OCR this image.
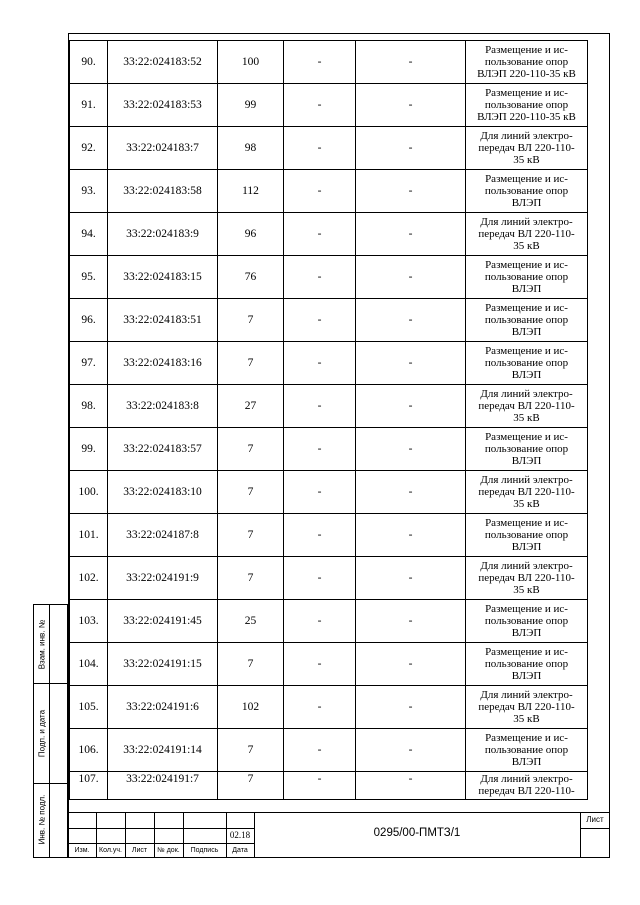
90.	33:22:024183:52	100	-	-	Размещение и ис-
пользование опор
ВЛЭП 220-110-35 кВ
91.	33:22:024183:53	99	-	-	Размещение и ис-
пользование опор
ВЛЭП 220-110-35 кВ
92.	33:22:024183:7	98	-	-	Для линий электро-
передач ВЛ 220-110-
35 кВ
93.	33:22:024183:58	112	-	-	Размещение и ис-
пользование опор
ВЛЭП
94.	33:22:024183:9	96	-	-	Для линий электро-
передач ВЛ 220-110-
35 кВ
95.	33:22:024183:15	76	-	-	Размещение и ис-
пользование опор
ВЛЭП
96.	33:22:024183:51	7	-	-	Размещение и ис-
пользование опор
ВЛЭП
97.	33:22:024183:16	7	-	-	Размещение и ис-
пользование опор
ВЛЭП
98.	33:22:024183:8	27	-	-	Для линий электро-
передач ВЛ 220-110-
35 кВ
99.	33:22:024183:57	7	-	-	Размещение и ис-
пользование опор
ВЛЭП
100.	33:22:024183:10	7	-	-	Для линий электро-
передач ВЛ 220-110-
35 кВ
101.	33:22:024187:8	7	-	-	Размещение и ис-
пользование опор
ВЛЭП
102.	33:22:024191:9	7	-	-	Для линий электро-
передач ВЛ 220-110-
35 кВ
103.	33:22:024191:45	25	-	-	Размещение и ис-
пользование опор
ВЛЭП
104.	33:22:024191:15	7	-	-	Размещение и ис-
пользование опор
ВЛЭП
105.	33:22:024191:6	102	-	-	Для линий электро-
передач ВЛ 220-110-
35 кВ
106.	33:22:024191:14	7	-	-	Размещение и ис-
пользование опор
ВЛЭП
107.	33:22:024191:7	7	-	-	Для линий электро-
передач ВЛ 220-110-
Взам. инв. №
Подп. и дата
Инв. № подл.	02.18
Изм.	Кол.уч.	Лист	№ док.	Подпись	Дата
0295/00-ПМТЗ/1
Лист
